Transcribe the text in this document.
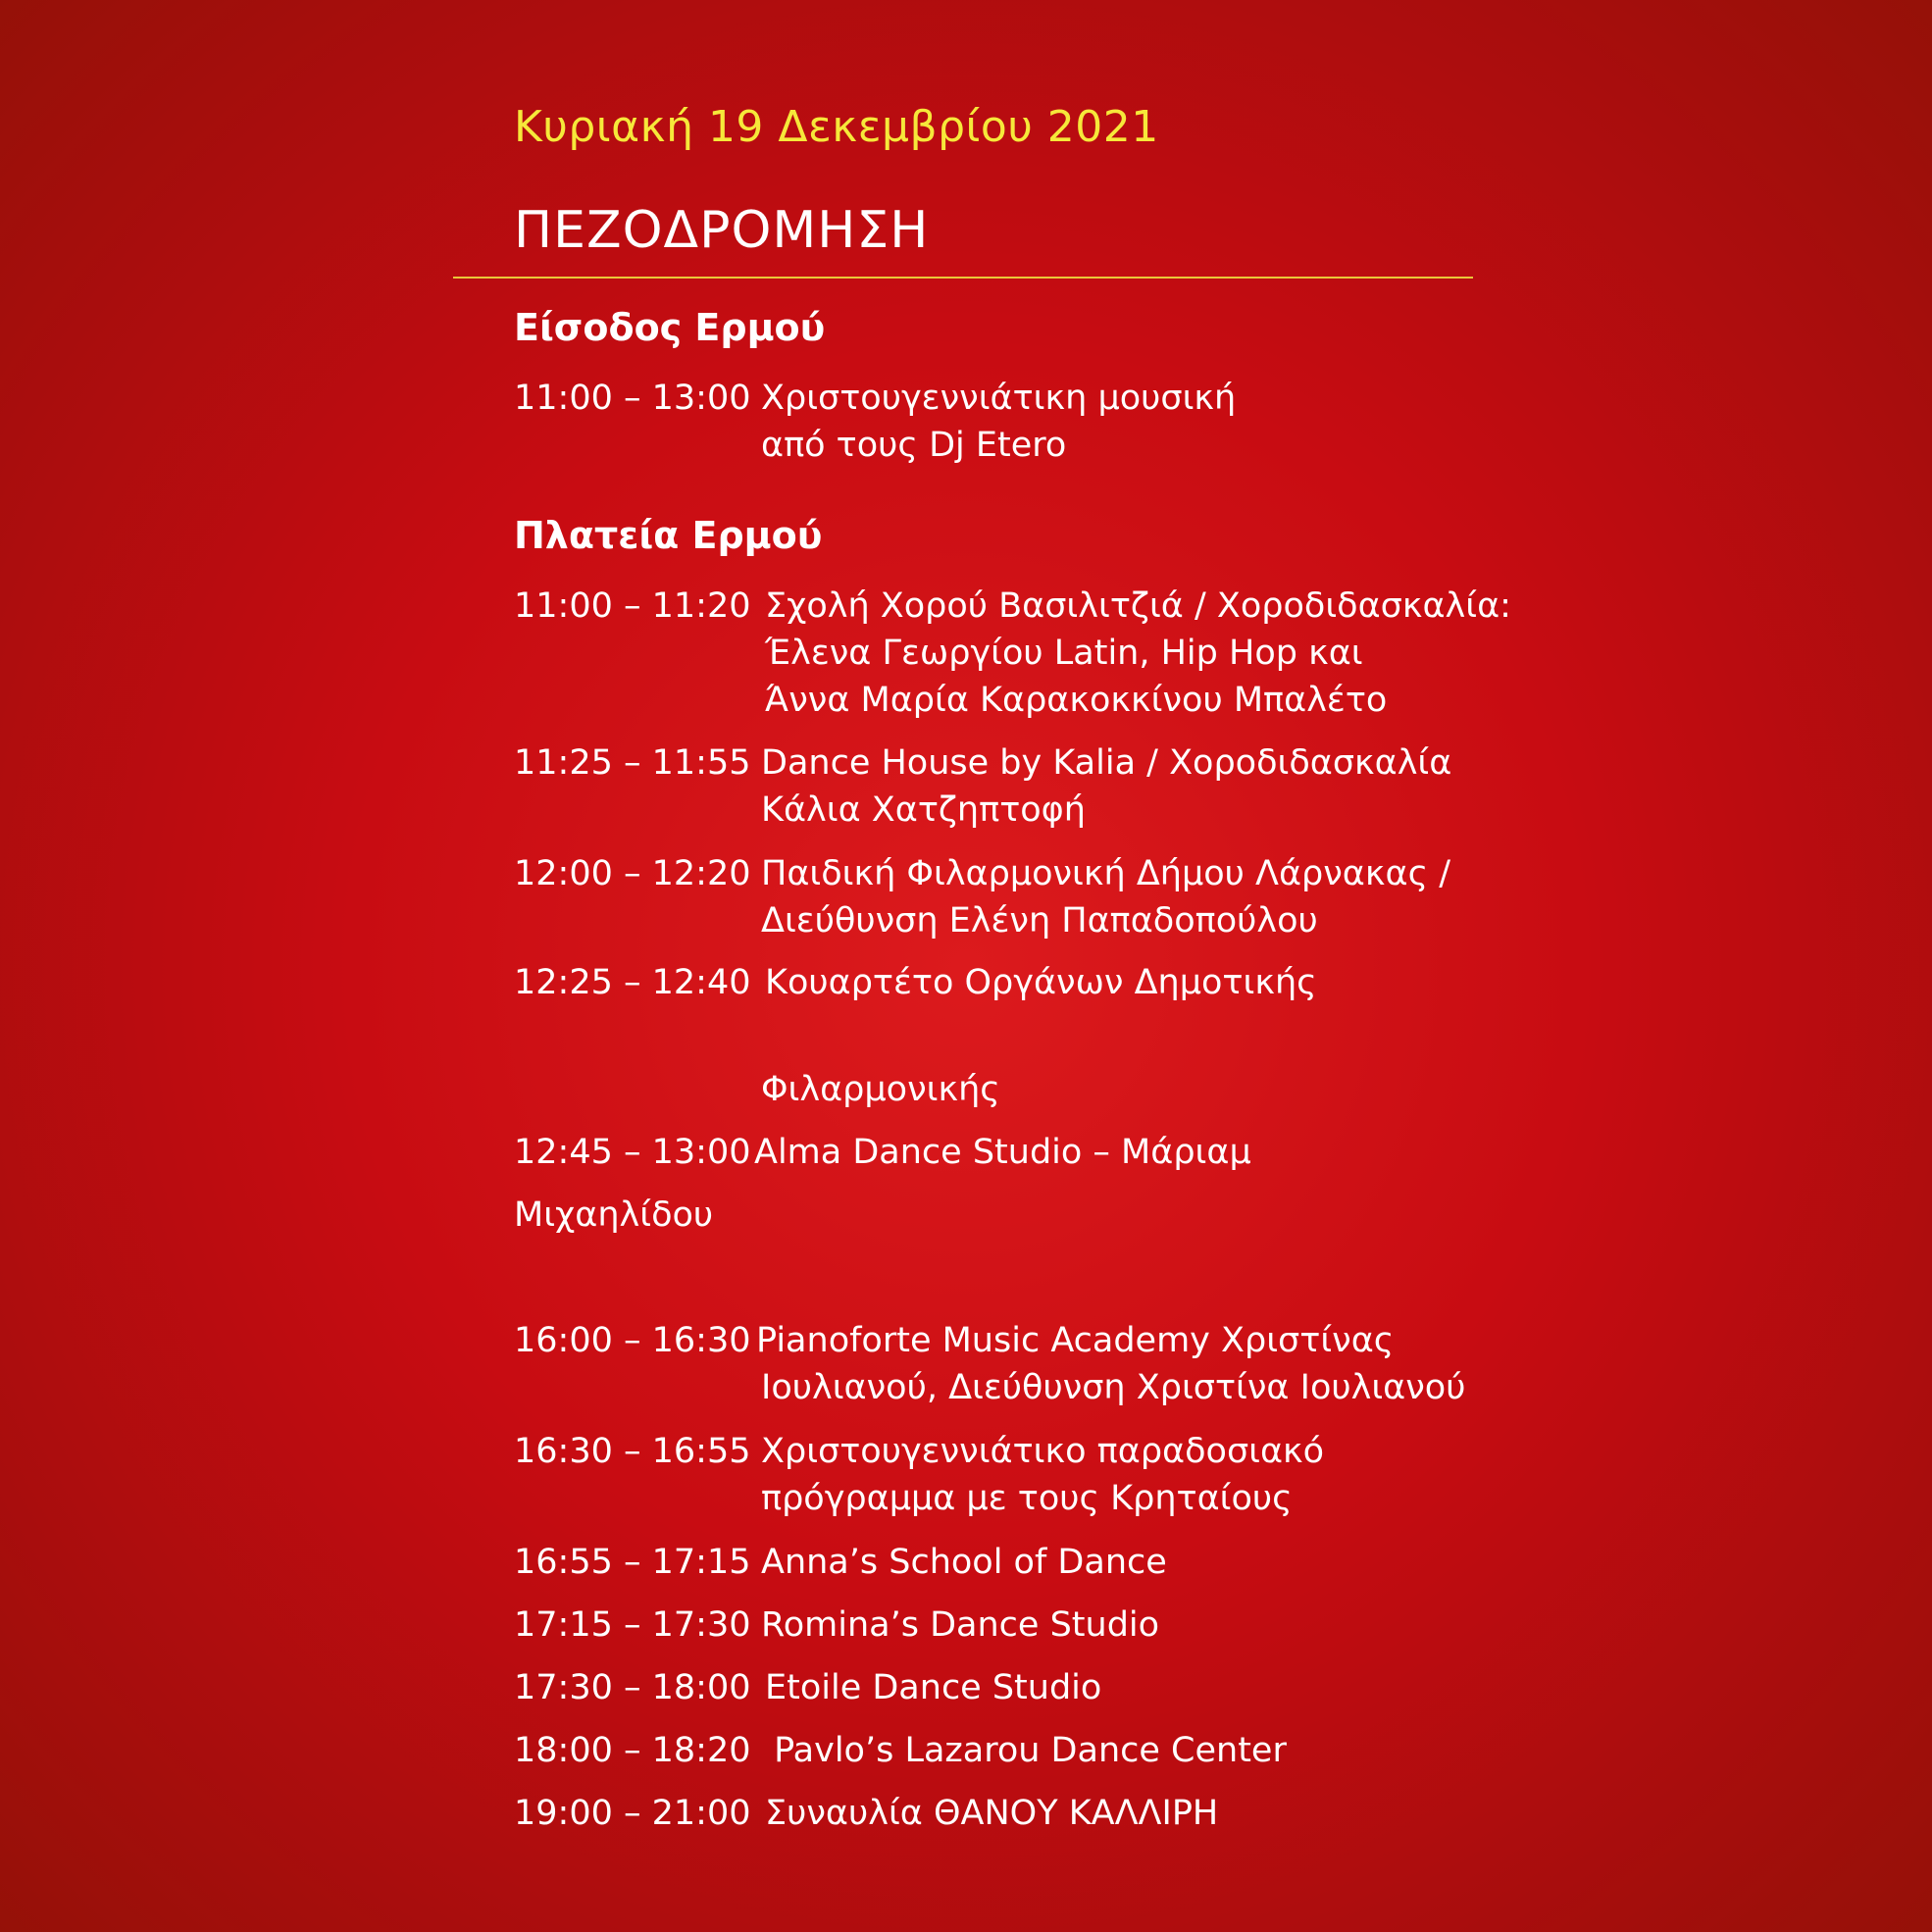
Κυριακή 19 Δεκεμβρίου 2021
ΠΕΖΟΔΡΟΜΗΣΗ
Είσοδος Ερμού
11:00 – 13:00 Χριστουγεννιάτικη μουσική
από τους Dj Etero
Πλατεία Ερμού
11:00 – 11:20 Σχολή Χορού Βασιλιτζιά / Χοροδιδασκαλία:
Έλενα Γεωργίου Latin, Hip Hop και
Άννα Μαρία Καρακοκκίνου Μπαλέτο
11:25 – 11:55 Dance House by Kalia / Χοροδιδασκαλία
Κάλια Χατζηπτοφή
12:00 – 12:20 Παιδική Φιλαρμονική Δήμου Λάρνακας /
Διεύθυνση Ελένη Παπαδοπούλου
12:25 – 12:40 Κουαρτέτο Οργάνων Δημοτικής
Φιλαρμονικής
12:45 – 13:00 Alma Dance Studio – Μάριαμ
Μιχαηλίδου
16:00 – 16:30 Pianoforte Music Academy Χριστίνας
Ιουλιανού, Διεύθυνση Χριστίνα Ιουλιανού
16:30 – 16:55 Χριστουγεννιάτικο παραδοσιακό
πρόγραμμα με τους Κρηταίους
16:55 – 17:15 Anna’s School of Dance
17:15 – 17:30 Romina’s Dance Studio
17:30 – 18:00 Etoile Dance Studio
18:00 – 18:20 Pavlo’s Lazarou Dance Center
19:00 – 21:00 Συναυλία ΘΑΝΟΥ ΚΑΛΛΙΡΗ
